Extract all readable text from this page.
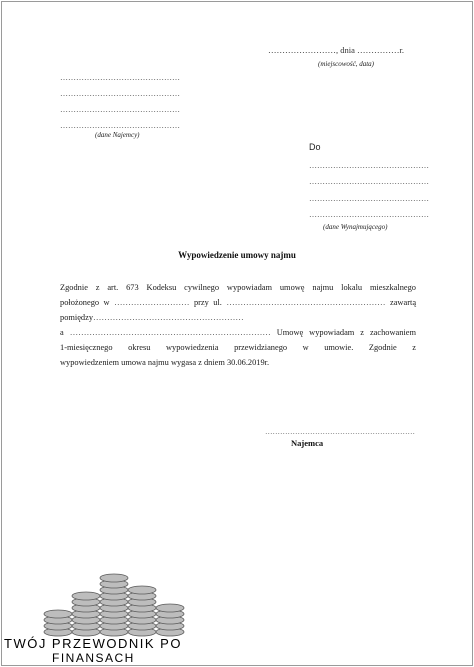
……………………, dnia ……………r.
(miejscowość, data)
………………………………………
………………………………………
………………………………………
………………………………………
(dane Najemcy)
Do
………………………………………
………………………………………
………………………………………
………………………………………
(dane Wynajmującego)
Wypowiedzenie umowy najmu
Zgodnie z art. 673 Kodeksu cywilnego wypowiadam umowę najmu lokalu mieszkalnego
położonego w ……………………… przy ul. ………………………………………………… zawartą
pomiędzy………………………………………………
a ……………………………………………………………… Umowę wypowiadam z zachowaniem
1-miesięcznego okresu wypowiedzenia przewidzianego w umowie. Zgodnie z
wypowiedzeniem umowa najmu wygasa z dniem 30.06.2019r.
……………………………………………………
Najemca
TWÓJ PRZEWODNIK PO
FINANSACH
